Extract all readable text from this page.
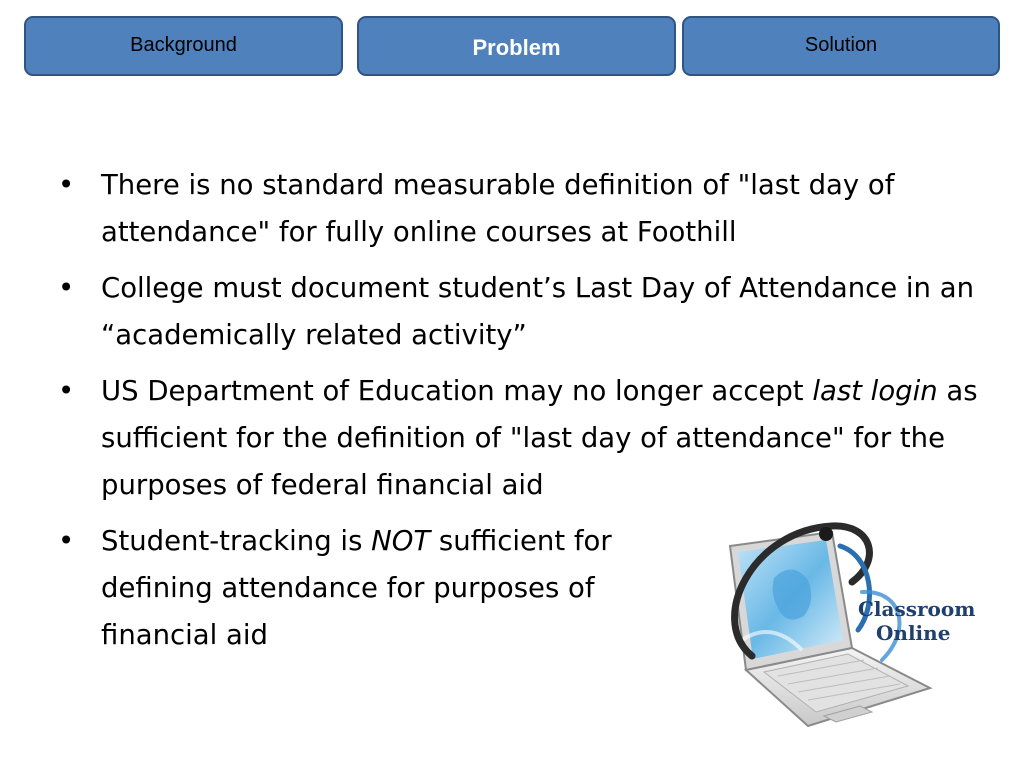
Background	Problem	Solution
• There is no standard measurable definition of "last day of attendance" for fully online courses at Foothill
• College must document student’s Last Day of Attendance in an “academically related activity”
• US Department of Education may no longer accept last login as sufficient for the definition of "last day of attendance" for the purposes of federal financial aid
• Student-tracking is NOT sufficient for defining attendance for purposes of financial aid
Classroom
Online
